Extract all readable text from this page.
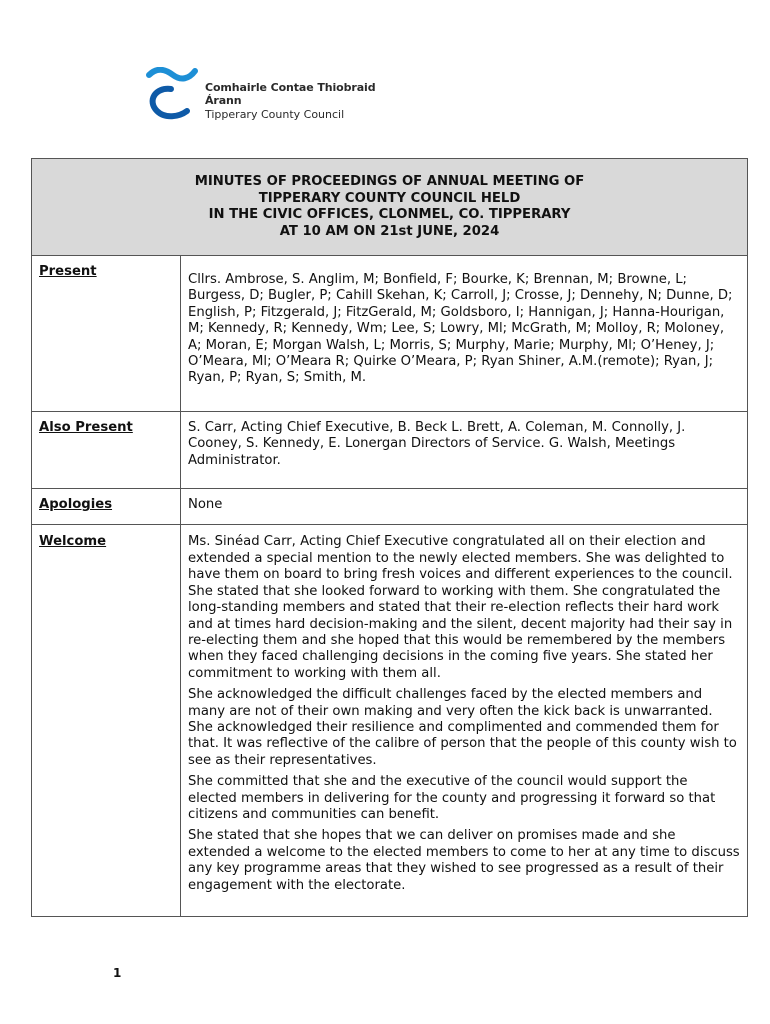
Comhairle Contae Thiobraid Árann
Tipperary County Council
MINUTES OF PROCEEDINGS OF ANNUAL MEETING OF
TIPPERARY COUNTY COUNCIL HELD
IN THE CIVIC OFFICES, CLONMEL, CO. TIPPERARY
AT 10 AM ON 21st JUNE, 2024	

Present	Cllrs. Ambrose, S. Anglim, M; Bonfield, F; Bourke, K; Brennan, M; Browne, L; Burgess, D; Bugler, P; Cahill Skehan, K; Carroll, J; Crosse, J; Dennehy, N; Dunne, D; English, P; Fitzgerald, J; FitzGerald, M; Goldsboro, I; Hannigan, J; Hanna-Hourigan, M; Kennedy, R; Kennedy, Wm; Lee, S; Lowry, Ml; McGrath, M; Molloy, R; Moloney, A; Moran, E; Morgan Walsh, L; Morris, S; Murphy, Marie; Murphy, Ml; O’Heney, J; O’Meara, Ml; O’Meara R; Quirke O’Meara, P; Ryan Shiner, A.M.(remote); Ryan, J; Ryan, P; Ryan, S; Smith, M.
Also Present	S. Carr, Acting Chief Executive, B. Beck L. Brett, A. Coleman, M. Connolly, J. Cooney, S. Kennedy, E. Lonergan Directors of Service. G. Walsh, Meetings Administrator.
Apologies	None
Welcome	Ms. Sinéad Carr, Acting Chief Executive congratulated all on their election and extended a special mention to the newly elected members. She was delighted to have them on board to bring fresh voices and different experiences to the council. She stated that she looked forward to working with them. She congratulated the long-standing members and stated that their re-election reflects their hard work and at times hard decision-making and the silent, decent majority had their say in re-electing them and she hoped that this would be remembered by the members when they faced challenging decisions in the coming five years. She stated her commitment to working with them all.

She acknowledged the difficult challenges faced by the elected members and many are not of their own making and very often the kick back is unwarranted. She acknowledged their resilience and complimented and commended them for that. It was reflective of the calibre of person that the people of this county wish to see as their representatives.

She committed that she and the executive of the council would support the elected members in delivering for the county and progressing it forward so that citizens and communities can benefit.

She stated that she hopes that we can deliver on promises made and she extended a welcome to the elected members to come to her at any time to discuss any key programme areas that they wished to see progressed as a result of their engagement with the electorate.

1
